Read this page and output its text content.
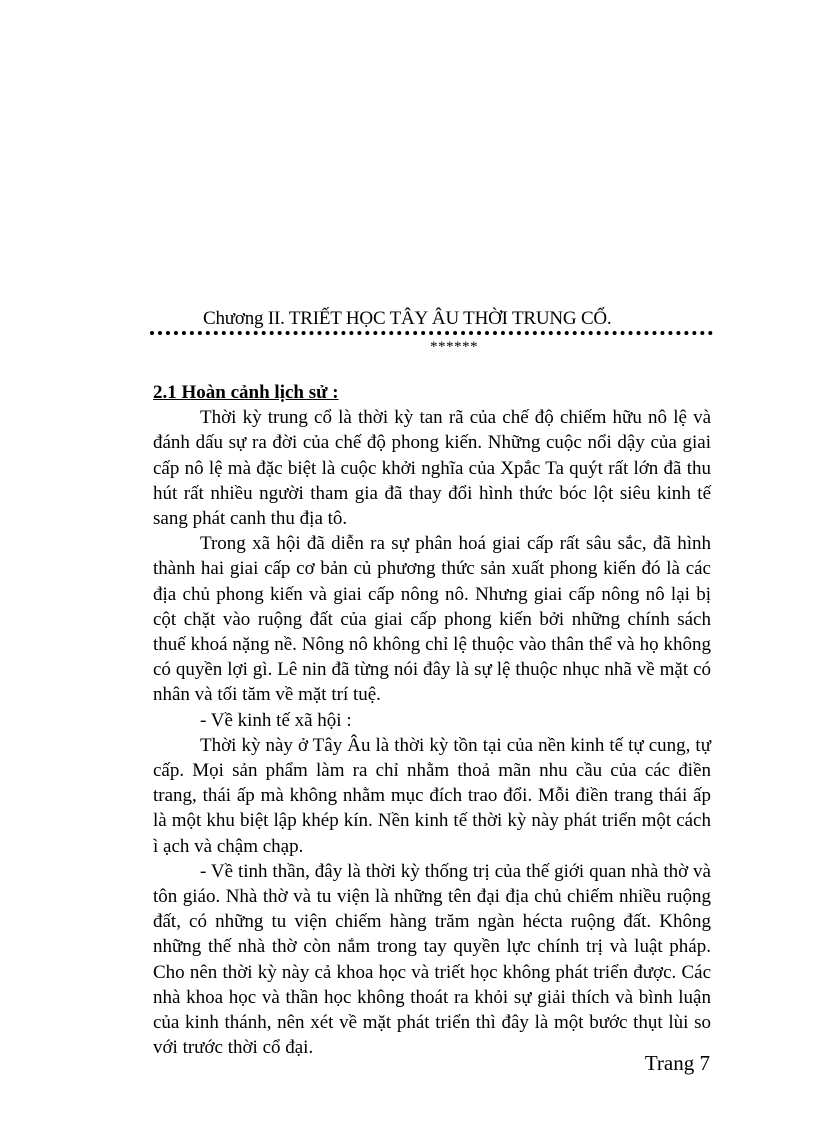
Chương II. TRIẾT HỌC TÂY ÂU THỜI TRUNG CỔ.
******

2.1 Hoàn cảnh lịch sử :

Thời kỳ trung cổ là thời kỳ tan rã của chế độ chiếm hữu nô lệ và đánh dấu sự ra đời của chế độ phong kiến. Những cuộc nổi dậy của giai cấp nô lệ mà đặc biệt là cuộc khởi nghĩa của Xpắc Ta quýt rất lớn đã thu hút rất nhiều người tham gia đã thay đổi hình thức bóc lột siêu kinh tế sang phát canh thu địa tô.

Trong xã hội đã diễn ra sự phân hoá giai cấp rất sâu sắc, đã hình thành hai giai cấp cơ bản củ phương thức sản xuất phong kiến đó là các địa chủ phong kiến và giai cấp nông nô. Nhưng giai cấp nông nô lại bị cột chặt vào ruộng đất của giai cấp phong kiến bởi những chính sách thuế khoá nặng nề. Nông nô không chỉ lệ thuộc vào thân thể và họ không có quyền lợi gì. Lê nin đã từng nói đây là sự lệ thuộc nhục nhã về mặt có nhân và tối tăm về mặt trí tuệ.

- Về kinh tế xã hội :

Thời kỳ này ở Tây Âu là thời kỳ tồn tại của nền kinh tế tự cung, tự cấp. Mọi sản phẩm làm ra chỉ nhằm thoả mãn nhu cầu của các điền trang, thái ấp mà không nhằm mục đích trao đổi. Mỗi điền trang thái ấp là một khu biệt lập khép kín. Nền kinh tế thời kỳ này phát triển một cách ì ạch và chậm chạp.

- Về tinh thần, đây là thời kỳ thống trị của thế giới quan nhà thờ và tôn giáo. Nhà thờ và tu viện là những tên đại địa chủ chiếm nhiều ruộng đất, có những tu viện chiếm hàng trăm ngàn hécta ruộng đất. Không những thế nhà thờ còn nắm trong tay quyền lực chính trị và luật pháp. Cho nên thời kỳ này cả khoa học và triết học không phát triển được. Các nhà khoa học và thần học không thoát ra khỏi sự giải thích và bình luận của kinh thánh, nên xét về mặt phát triển thì đây là một bước thụt lùi so với trước thời cổ đại.

Trang 7
